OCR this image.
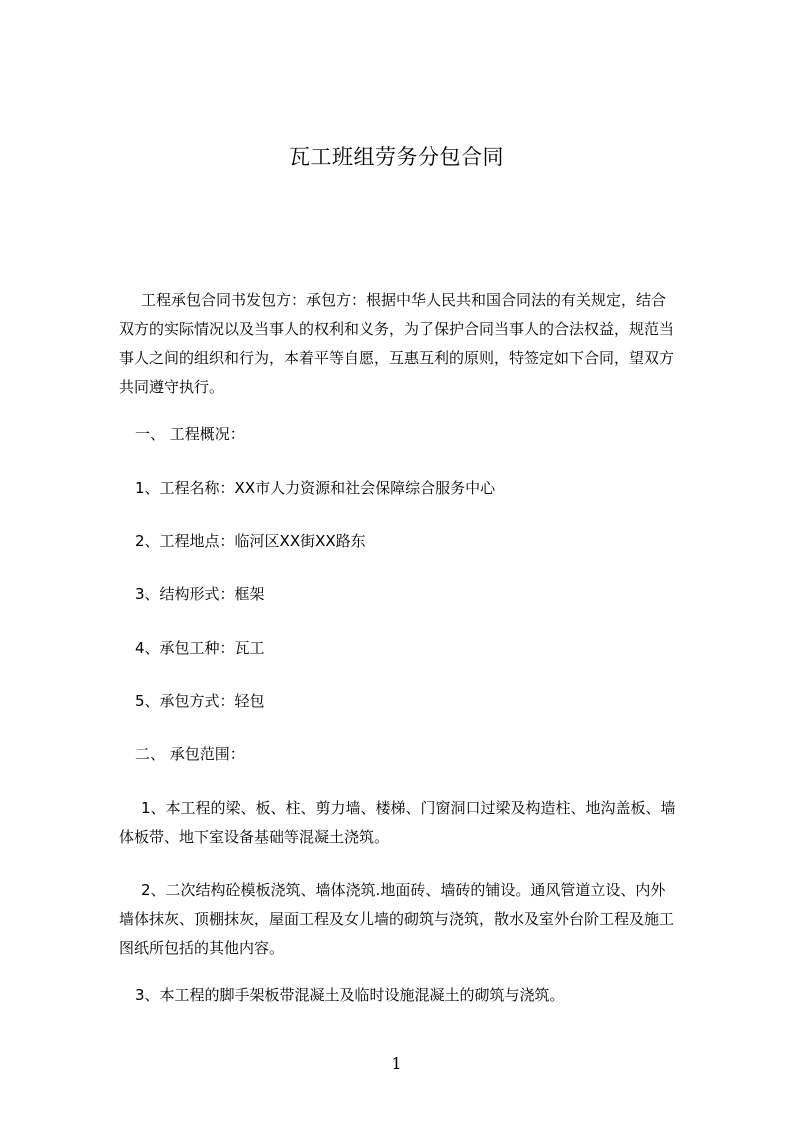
瓦工班组劳务分包合同

工程承包合同书发包方：承包方：根据中华人民共和国合同法的有关规定，结合双方的实际情况以及当事人的权利和义务，为了保护合同当事人的合法权益，规范当事人之间的组织和行为，本着平等自愿，互惠互利的原则，特签定如下合同，望双方共同遵守执行。

一、 工程概况：
1、工程名称：XX市人力资源和社会保障综合服务中心
2、工程地点：临河区XX街XX路东
3、结构形式：框架
4、承包工种：瓦工
5、承包方式：轻包
二、 承包范围：

1、本工程的梁、板、柱、剪力墙、楼梯、门窗洞口过梁及构造柱、地沟盖板、墙体板带、地下室设备基础等混凝土浇筑。

2、二次结构砼模板浇筑、墙体浇筑.地面砖、墙砖的铺设。通风管道立设、内外墙体抹灰、顶棚抹灰，屋面工程及女儿墙的砌筑与浇筑，散水及室外台阶工程及施工图纸所包括的其他内容。

3、本工程的脚手架板带混凝土及临时设施混凝土的砌筑与浇筑。
1
